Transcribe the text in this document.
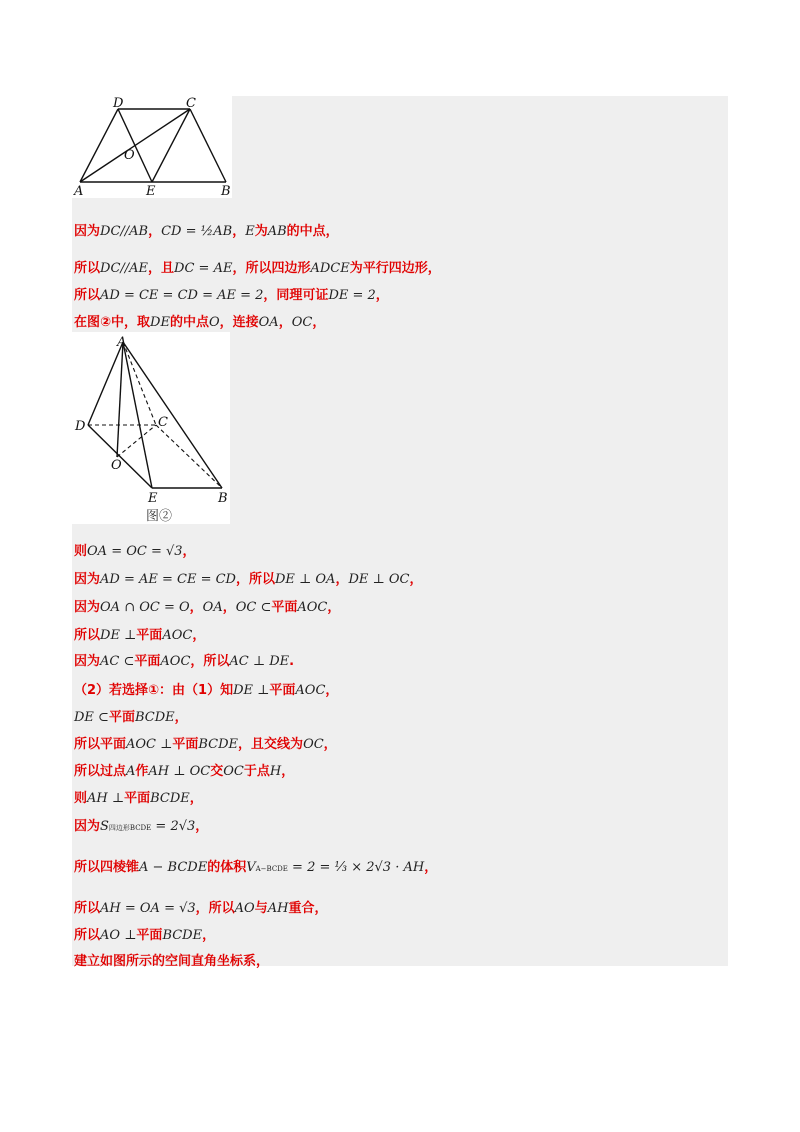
D	C
O
A	E	B
A
C
D
O
E	B
图②
因为DC//AB，CD = ½AB，E为AB的中点，
所以DC//AE，且DC = AE，所以四边形ADCE为平行四边形，
所以AD = CE = CD = AE = 2，同理可证DE = 2，
在图②中，取DE的中点O，连接OA，OC，
则OA = OC = √3，
因为AD = AE = CE = CD，所以DE ⊥ OA，DE ⊥ OC，
因为OA ∩ OC = O，OA，OC ⊂平面AOC，
所以DE ⊥平面AOC，
因为AC ⊂平面AOC，所以AC ⊥ DE.
（2）若选择①：由（1）知DE ⊥平面AOC，
DE ⊂平面BCDE，
所以平面AOC ⊥平面BCDE，且交线为OC，
所以过点A作AH ⊥ OC交OC于点H，
则AH ⊥平面BCDE，
因为S四边形BCDE = 2√3，
所以四棱锥A − BCDE的体积VA−BCDE = 2 = ⅓ × 2√3 · AH，
所以AH = OA = √3，所以AO与AH重合，
所以AO ⊥平面BCDE，
建立如图所示的空间直角坐标系，
